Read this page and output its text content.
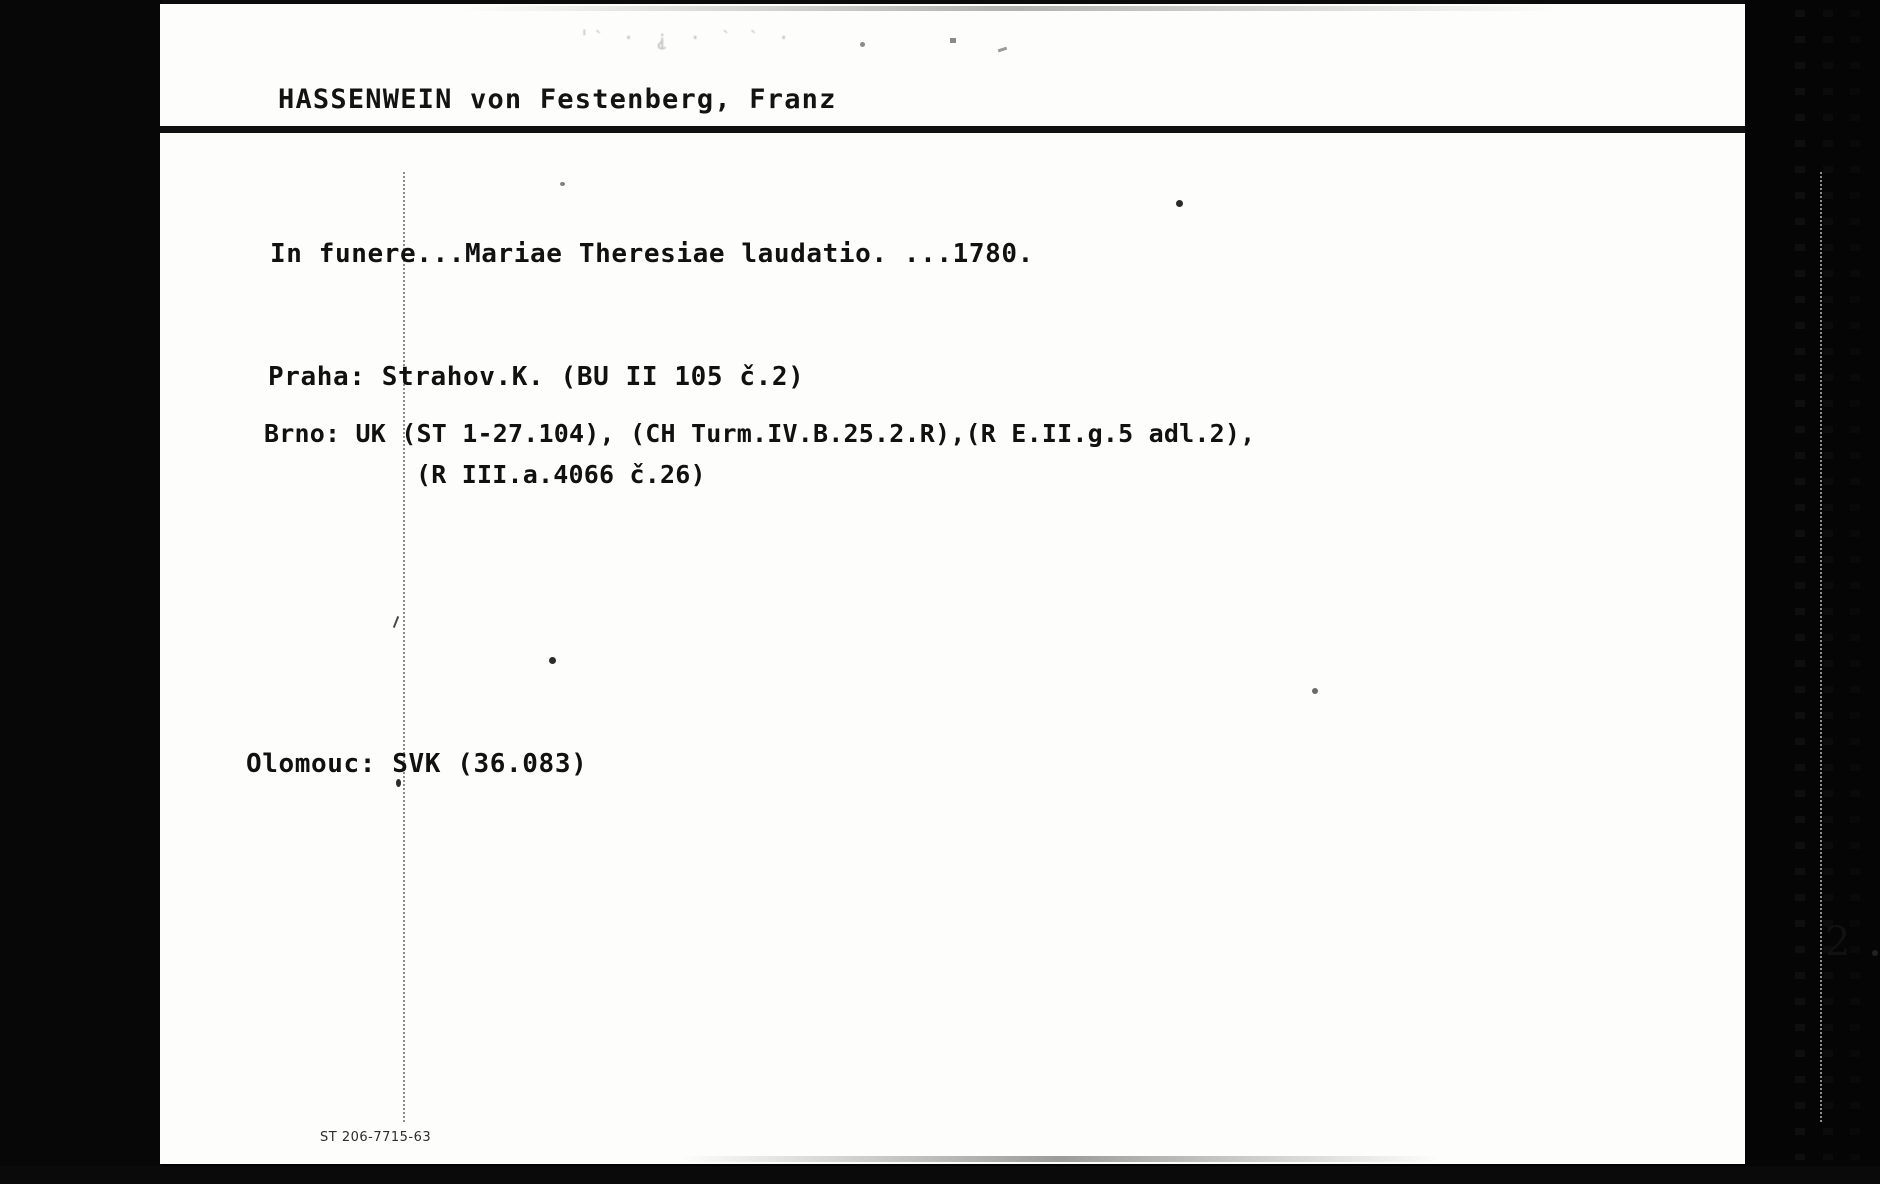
'ˋ · ⸘ · ˋ ˋ ·
HASSENWEIN von Festenberg, Franz
In funere...Mariae Theresiae laudatio. ...1780.
Praha: Strahov.K. (BU II 105 č.2)
Brno: UK (ST 1-27.104), (CH Turm.IV.B.25.2.R),(R E.II.g.5 adl.2),
(R III.a.4066 č.26)
Olomouc: SVK (36.083)
2
ST 206-7715-63
